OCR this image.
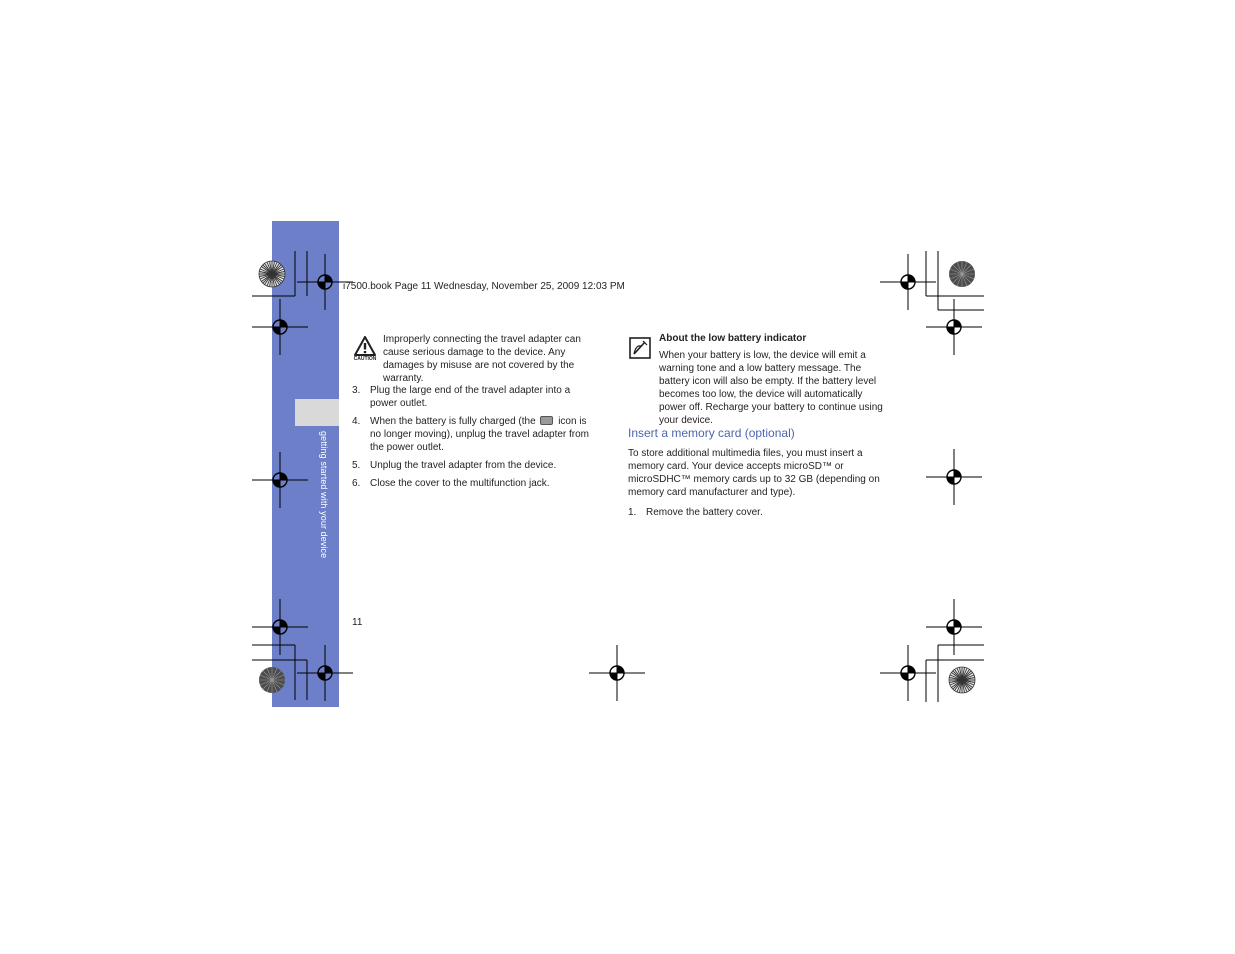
getting started with your device
i7500.book Page 11 Wednesday, November 25, 2009 12:03 PM
CAUTION
Improperly connecting the travel adapter can cause serious damage to the device. Any damages by misuse are not covered by the warranty.
3. Plug the large end of the travel adapter into a power outlet.
4. When the battery is fully charged (the  icon is no longer moving), unplug the travel adapter from the power outlet.
5. Unplug the travel adapter from the device.
6. Close the cover to the multifunction jack.
11
About the low battery indicator
When your battery is low, the device will emit a warning tone and a low battery message. The battery icon will also be empty. If the battery level becomes too low, the device will automatically power off. Recharge your battery to continue using your device.
Insert a memory card (optional)
To store additional multimedia files, you must insert a memory card. Your device accepts microSD™ or microSDHC™ memory cards up to 32 GB (depending on memory card manufacturer and type).
1. Remove the battery cover.
